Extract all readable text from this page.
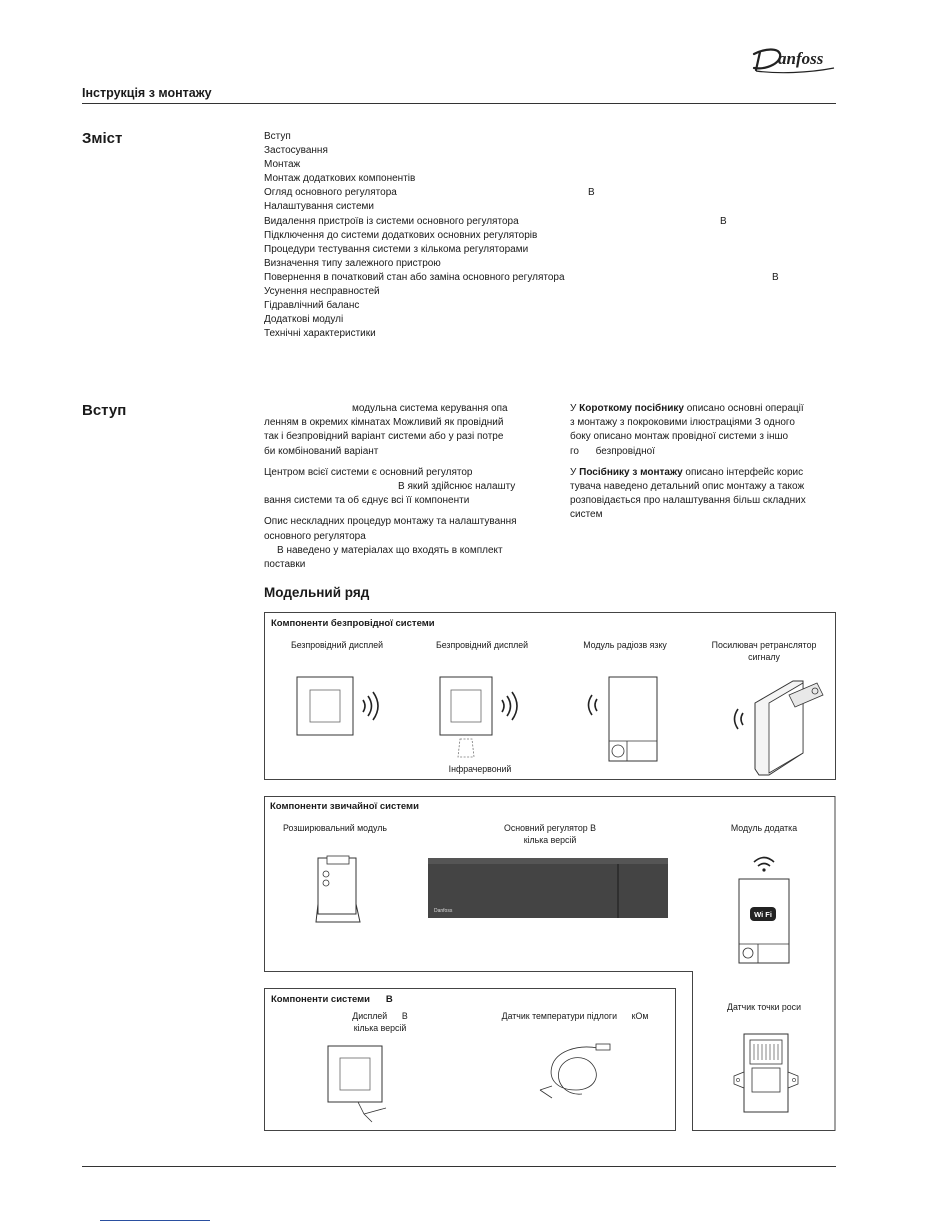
anfoss
Інструкція з монтажу
Зміст	Вступ
Застосування
Монтаж
Монтаж додаткових компонентів
Огляд основного регулятора	В
Налаштування системи
Видалення пристроїв із системи основного регулятора	В
Підключення до системи додаткових основних регуляторів
Процедури тестування системи з кількома регуляторами
Визначення типу залежного пристрою
Повернення в початковий стан або заміна основного регулятора	В
Усунення несправностей
Гідравлічний баланс
Додаткові модулі
Технічні характеристики
Вступ	модульна система керування опа
ленням в окремих кімнатах Можливий як провідний
так і безпровідний варіант системи або у разі потре
би комбінований варіант

Центром всієї системи є основний регулятор
В який здійснює налашту
вання системи та об єднує всі її компоненти

Опис нескладних процедур монтажу та налаштування
основного регулятора
В наведено у матеріалах що входять в комплект
поставки

У Короткому посібнику описано основні операції
з монтажу з покроковими ілюстраціями З одного
боку описано монтаж провідної системи з іншо
го      безпровідної

У Посібнику з монтажу описано інтерфейс корис
тувача наведено детальний опис монтажу а також
розповідається про налаштування більш складних
систем

Модельний ряд
Компоненти безпровідної системи
Безпровідний дисплей	Безпровідний дисплей	Модуль радіозв язку	Посилювач ретранслятор сигналу
Інфрачервоний
Компоненти звичайної системи
Розширювальний модуль	Основний регулятор В
кілька версій
Модуль додатка
Danfoss	Wi Fi
Компоненти системи      В
Дисплей      В
кілька версій
Датчик температури підлоги      кОм
Датчик точки роси
